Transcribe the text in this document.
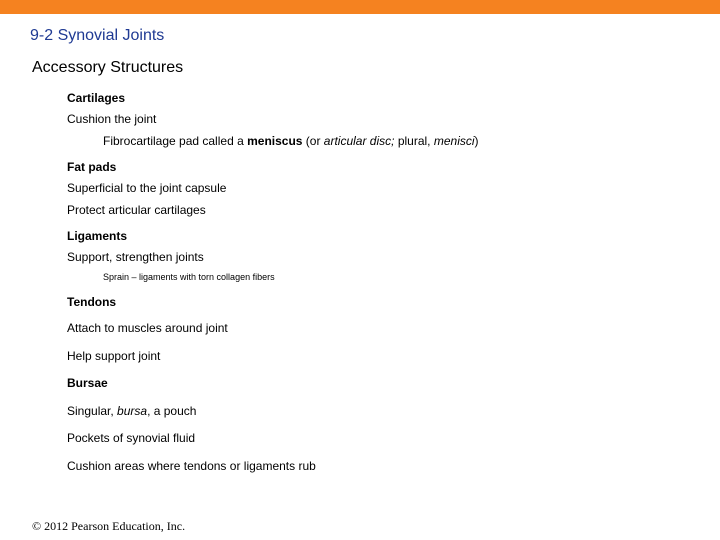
9-2 Synovial Joints
Accessory Structures
Cartilages
Cushion the joint
Fibrocartilage pad called a meniscus (or articular disc; plural, menisci)
Fat pads
Superficial to the joint capsule
Protect articular cartilages
Ligaments
Support, strengthen joints
Sprain – ligaments with torn collagen fibers
Tendons
Attach to muscles around joint
Help support joint
Bursae
Singular, bursa, a pouch
Pockets of synovial fluid
Cushion areas where tendons or ligaments rub
© 2012 Pearson Education, Inc.
